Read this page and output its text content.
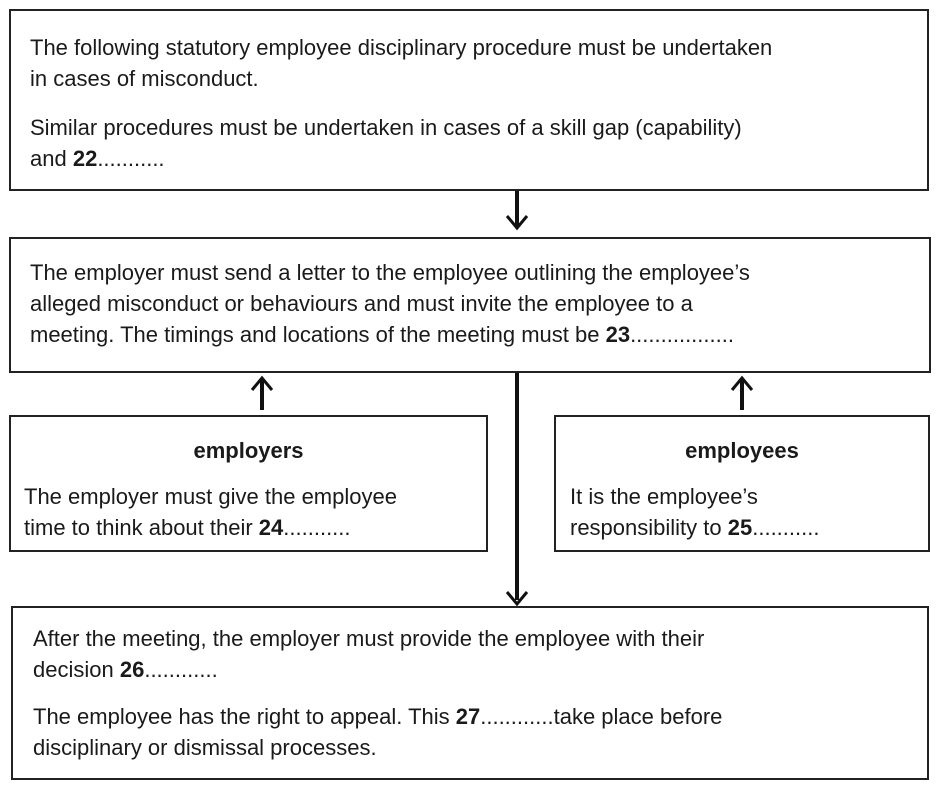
The following statutory employee disciplinary procedure must be undertaken
in cases of misconduct.
Similar procedures must be undertaken in cases of a skill gap (capability)
and 22...........
The employer must send a letter to the employee outlining the employee’s
alleged misconduct or behaviours and must invite the employee to a
meeting. The timings and locations of the meeting must be 23.................
employers
The employer must give the employee
time to think about their 24...........
employees
It is the employee’s
responsibility to 25...........
After the meeting, the employer must provide the employee with their
decision 26............
The employee has the right to appeal. This 27............take place before
disciplinary or dismissal processes.
